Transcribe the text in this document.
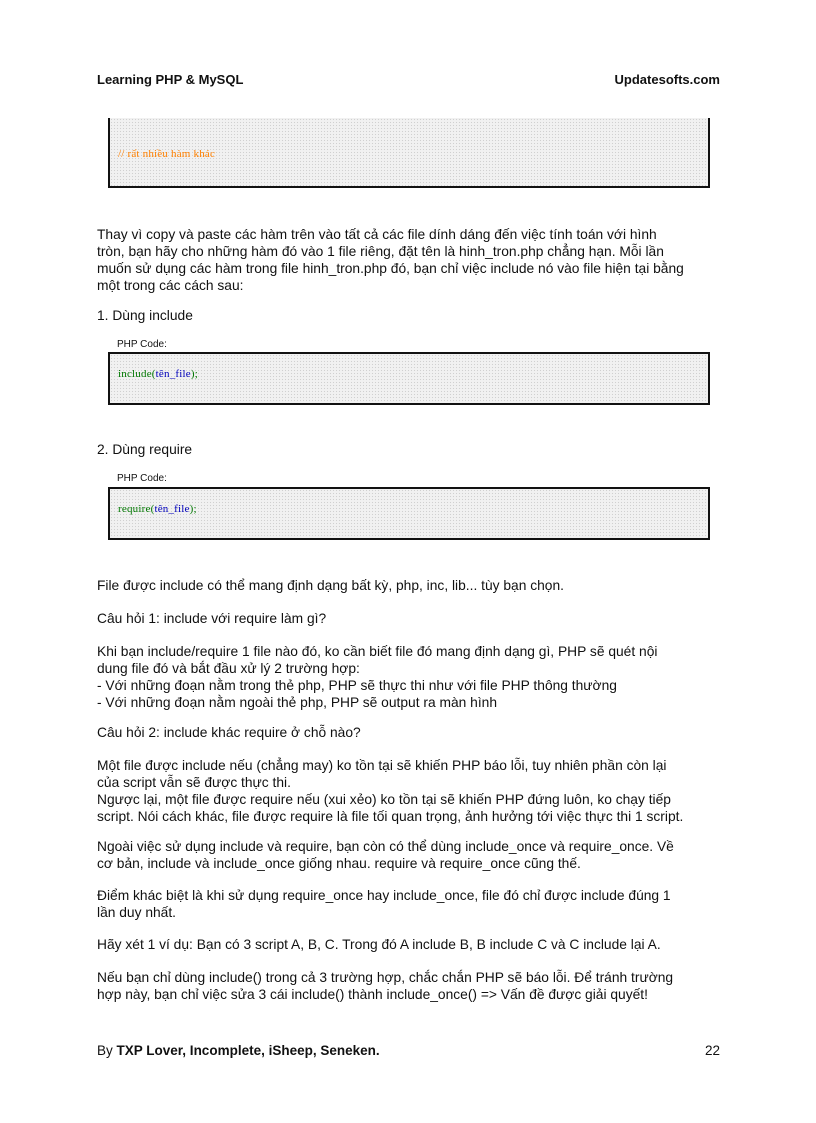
Learning PHP & MySQL	Updatesofts.com
// rất nhiều hàm khác
Thay vì copy và paste các hàm trên vào tất cả các file dính dáng đến việc tính toán với hình
tròn, bạn hãy cho những hàm đó vào 1 file riêng, đặt tên là hinh_tron.php chẳng hạn. Mỗi lần
muốn sử dụng các hàm trong file hinh_tron.php đó, bạn chỉ việc include nó vào file hiện tại bằng
một trong các cách sau:
1. Dùng include
PHP Code:
include(tên_file);
2. Dùng require
PHP Code:
require(tên_file);
File được include có thể mang định dạng bất kỳ, php, inc, lib... tùy bạn chọn.
Câu hỏi 1: include với require làm gì?
Khi bạn include/require 1 file nào đó, ko cần biết file đó mang định dạng gì, PHP sẽ quét nội
dung file đó và bắt đầu xử lý 2 trường hợp:
- Với những đoạn nằm trong thẻ php, PHP sẽ thực thi như với file PHP thông thường
- Với những đoạn nằm ngoài thẻ php, PHP sẽ output ra màn hình
Câu hỏi 2: include khác require ở chỗ nào?
Một file được include nếu (chẳng may) ko tồn tại sẽ khiến PHP báo lỗi, tuy nhiên phần còn lại
của script vẫn sẽ được thực thi.
Ngược lại, một file được require nếu (xui xẻo) ko tồn tại sẽ khiến PHP đứng luôn, ko chạy tiếp
script. Nói cách khác, file được require là file tối quan trọng, ảnh hưởng tới việc thực thi 1 script.
Ngoài việc sử dụng include và require, bạn còn có thể dùng include_once và require_once. Về
cơ bản, include và include_once giống nhau. require và require_once cũng thế.
Điểm khác biệt là khi sử dụng require_once hay include_once, file đó chỉ được include đúng 1
lần duy nhất.
Hãy xét 1 ví dụ: Bạn có 3 script A, B, C. Trong đó A include B, B include C và C include lại A.
Nếu bạn chỉ dùng include() trong cả 3 trường hợp, chắc chắn PHP sẽ báo lỗi. Để tránh trường
hợp này, bạn chỉ việc sửa 3 cái include() thành include_once() => Vấn đề được giải quyết!
By TXP Lover, Incomplete, iSheep, Seneken.	22
